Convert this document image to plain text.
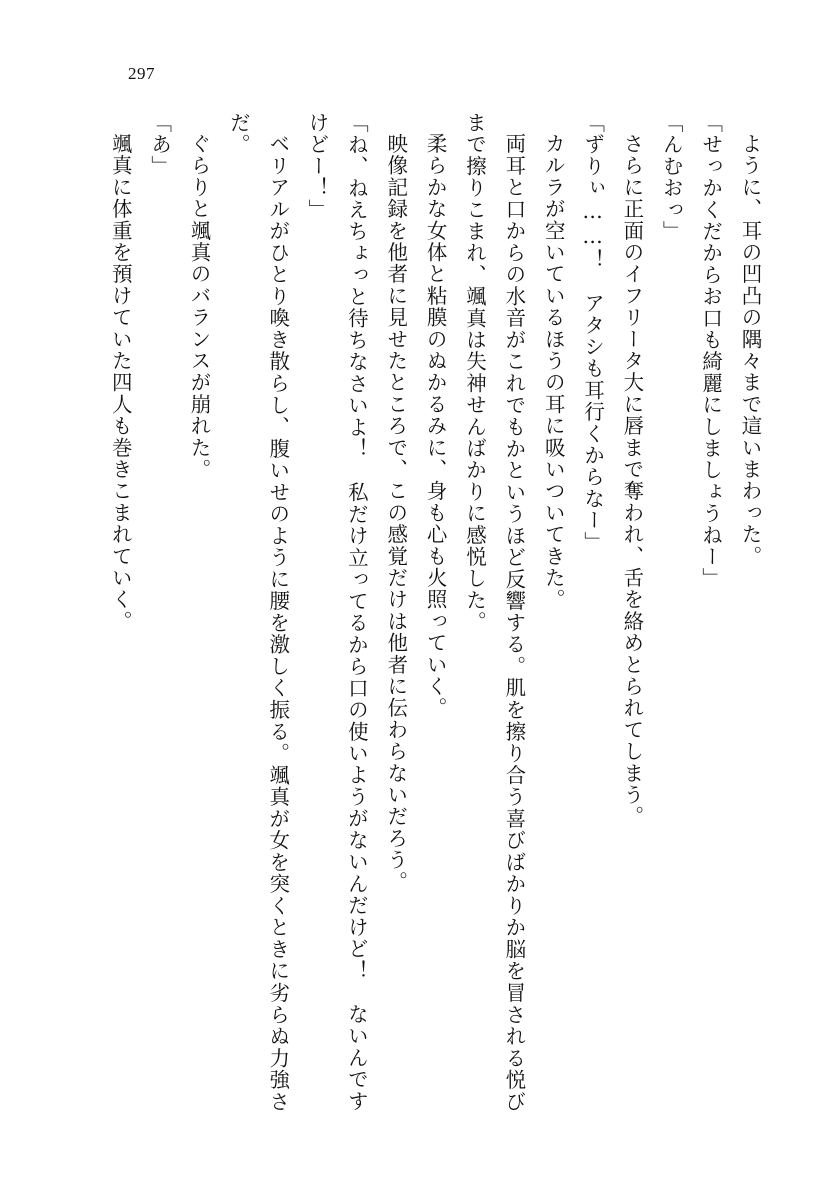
297

ように、耳の凹凸の隅々まで這いまわった。

「せっかくだからお口も綺麗にしましょうねー」

「んむおっ」

さらに正面のイフリータ大に唇まで奪われ、舌を絡めとられてしまう。

「ずりぃ……！　アタシも耳行くからなー」

カルラが空いているほうの耳に吸いついてきた。

両耳と口からの水音がこれでもかというほど反響する。肌を擦り合う喜びばかりか脳を冒される悦びまで擦りこまれ、颯真は失神せんばかりに感悦した。

柔らかな女体と粘膜のぬかるみに、身も心も火照っていく。

映像記録を他者に見せたところで、この感覚だけは他者に伝わらないだろう。

「ね、ねえちょっと待ちなさいよ！　私だけ立ってるから口の使いようがないんだけど！　ないんですけどー！」

ベリアルがひとり喚き散らし、腹いせのように腰を激しく振る。颯真が女を突くときに劣らぬ力強さだ。

ぐらりと颯真のバランスが崩れた。

「あ」

颯真に体重を預けていた四人も巻きこまれていく。
